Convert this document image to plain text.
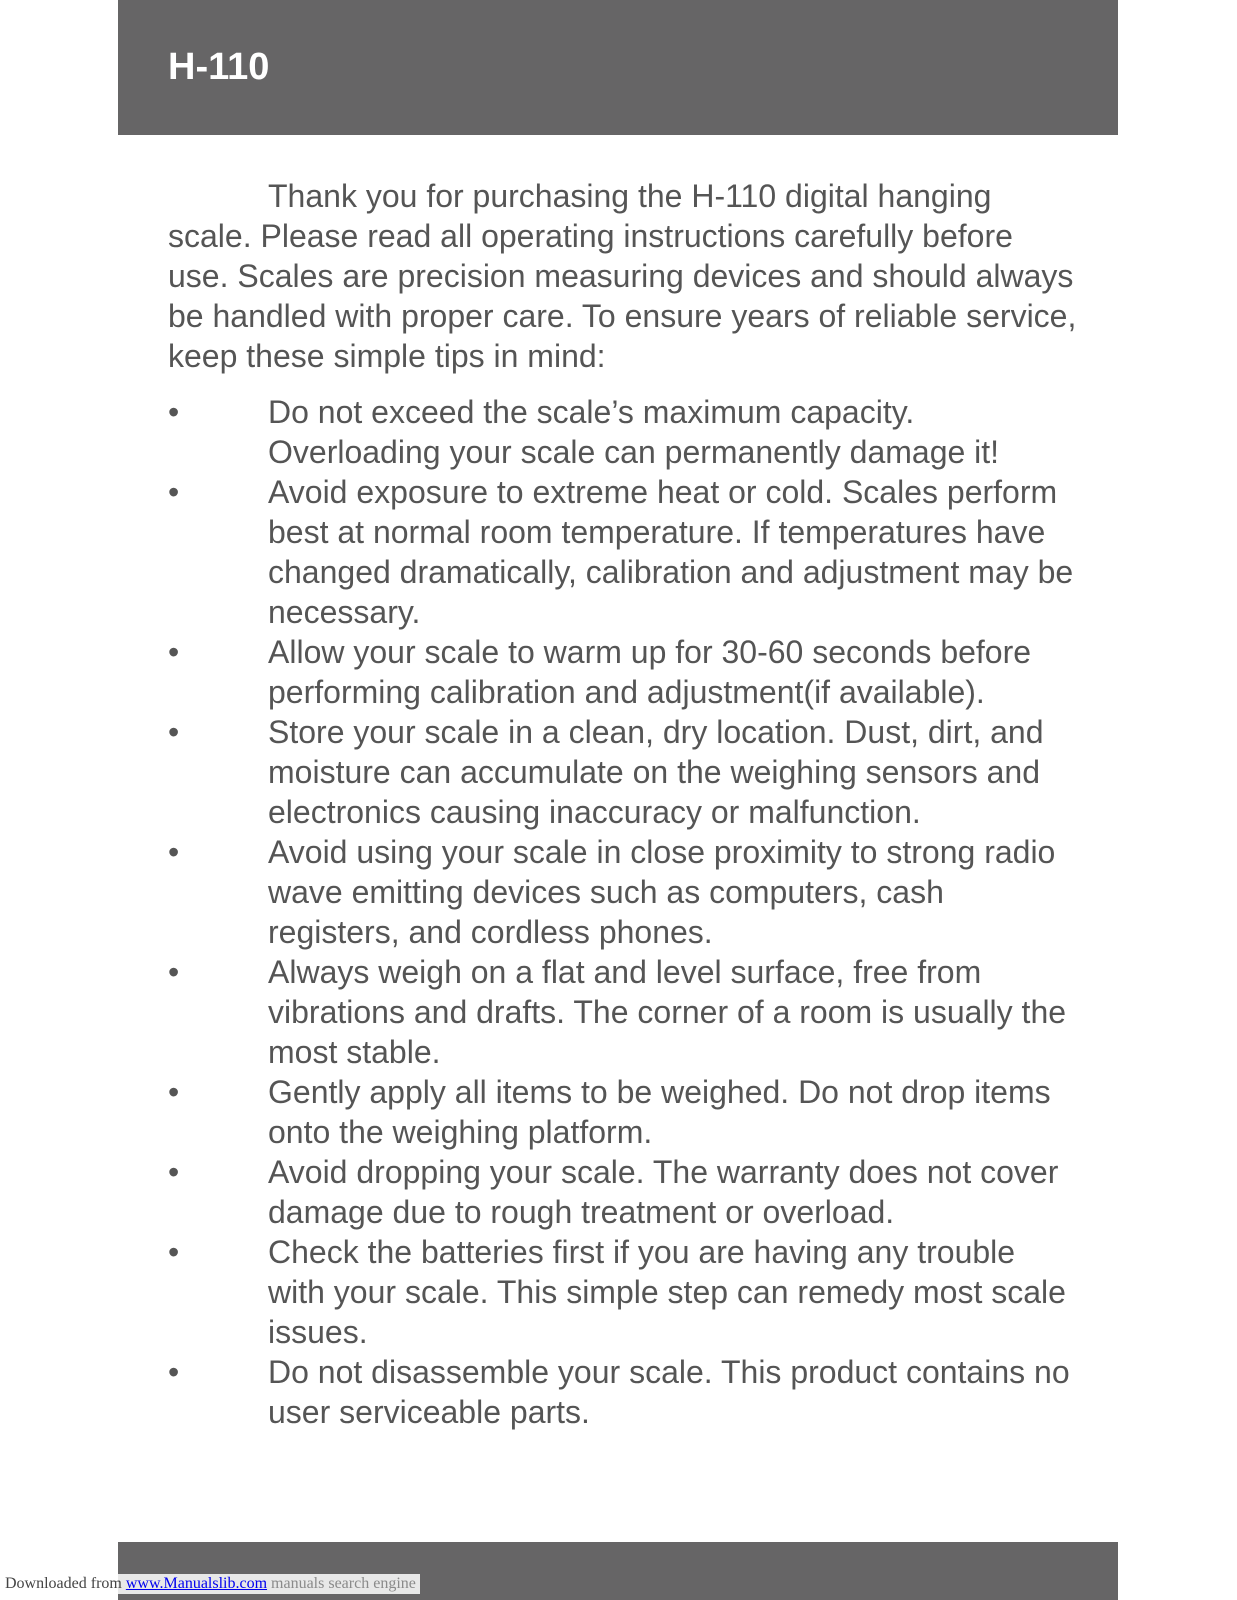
H-110

Thank you for purchasing the H-110 digital hanging scale. Please read all operating instructions carefully before use. Scales are precision measuring devices and should always be handled with proper care. To ensure years of reliable service, keep these simple tips in mind:

•	Do not exceed the scale’s maximum capacity. Overloading your scale can permanently damage it!
•	Avoid exposure to extreme heat or cold. Scales perform best at normal room temperature. If temperatures have changed dramatically, calibration and adjustment may be necessary.
•	Allow your scale to warm up for 30-60 seconds before performing calibration and adjustment(if available).
•	Store your scale in a clean, dry location. Dust, dirt, and moisture can accumulate on the weighing sensors and electronics causing inaccuracy or malfunction.
•	Avoid using your scale in close proximity to strong radio wave emitting devices such as computers, cash registers, and cordless phones.
•	Always weigh on a flat and level surface, free from vibrations and drafts. The corner of a room is usually the most stable.
•	Gently apply all items to be weighed. Do not drop items onto the weighing platform.
•	Avoid dropping your scale. The warranty does not cover damage due to rough treatment or overload.
•	Check the batteries first if you are having any trouble with your scale. This simple step can remedy most scale issues.
•	Do not disassemble your scale. This product contains no user serviceable parts.
Downloaded from www.Manualslib.com manuals search engine
